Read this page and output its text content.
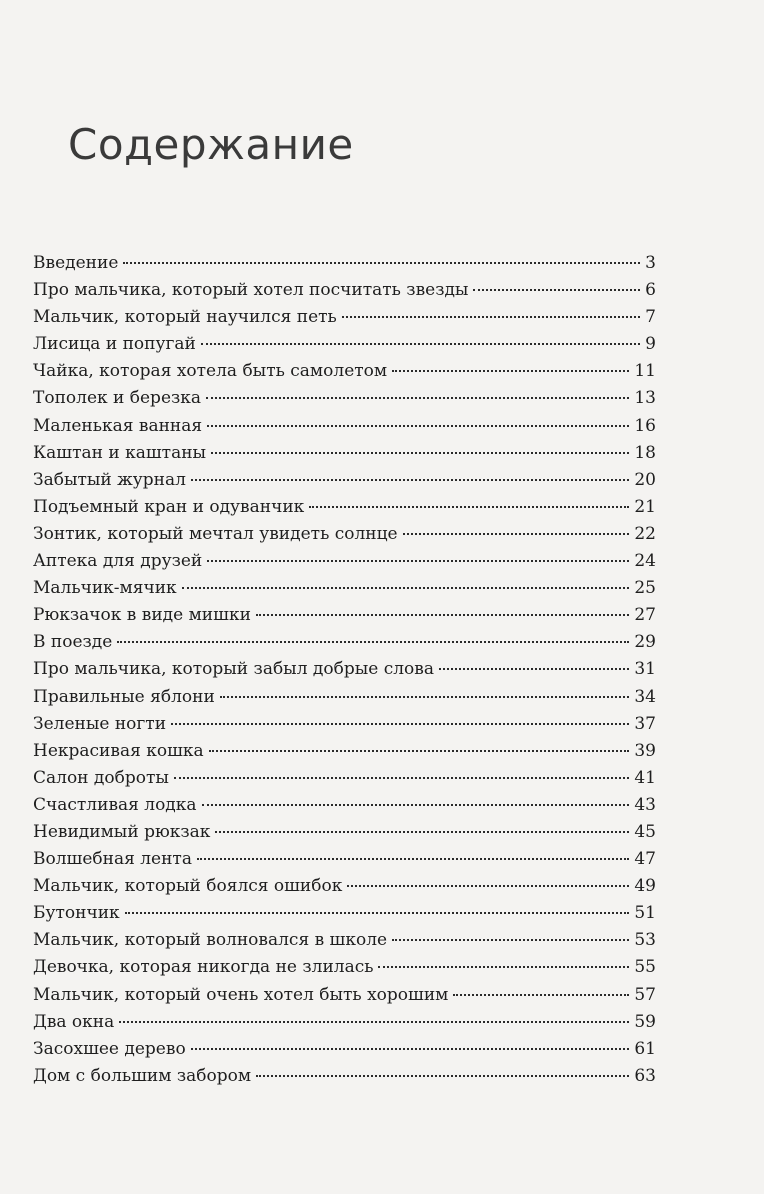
Содержание
Введение	3
Про мальчика, который хотел посчитать звезды	6
Мальчик, который научился петь	7
Лисица и попугай	9
Чайка, которая хотела быть самолетом	11
Тополек и березка	13
Маленькая ванная	16
Каштан и каштаны	18
Забытый журнал	20
Подъемный кран и одуванчик	21
Зонтик, который мечтал увидеть солнце	22
Аптека для друзей	24
Мальчик-мячик	25
Рюкзачок в виде мишки	27
В поезде	29
Про мальчика, который забыл добрые слова	31
Правильные яблони	34
Зеленые ногти	37
Некрасивая кошка	39
Салон доброты	41
Счастливая лодка	43
Невидимый рюкзак	45
Волшебная лента	47
Мальчик, который боялся ошибок	49
Бутончик	51
Мальчик, который волновался в школе	53
Девочка, которая никогда не злилась	55
Мальчик, который очень хотел быть хорошим	57
Два окна	59
Засохшее дерево	61
Дом с большим забором	63
